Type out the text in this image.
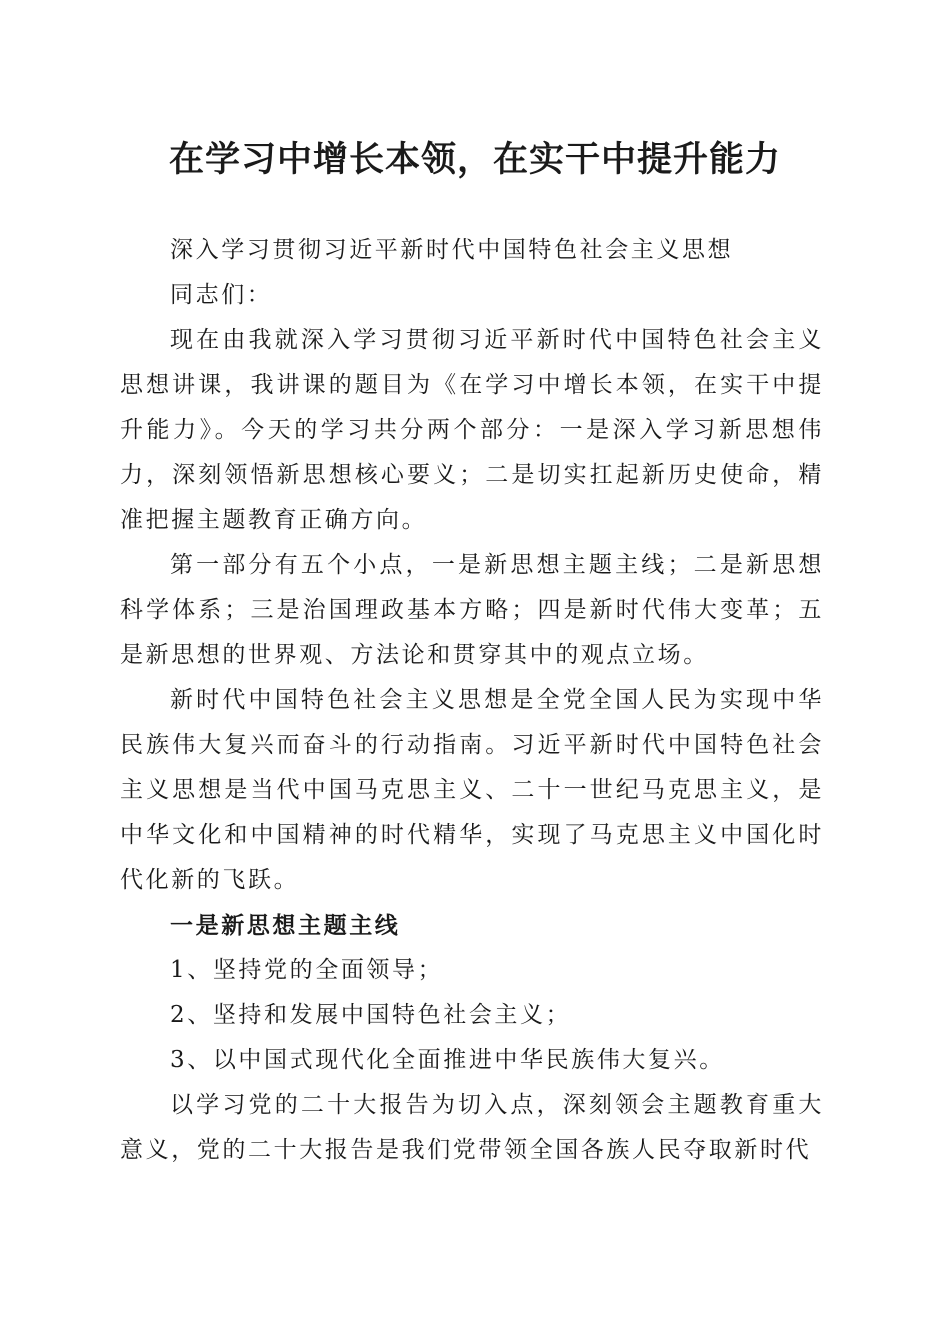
在学习中增长本领，在实干中提升能力

深入学习贯彻习近平新时代中国特色社会主义思想

同志们：

现在由我就深入学习贯彻习近平新时代中国特色社会主义思想讲课，我讲课的题目为《在学习中增长本领，在实干中提升能力》。今天的学习共分两个部分：一是深入学习新思想伟力，深刻领悟新思想核心要义；二是切实扛起新历史使命，精准把握主题教育正确方向。

第一部分有五个小点，一是新思想主题主线；二是新思想科学体系；三是治国理政基本方略；四是新时代伟大变革；五是新思想的世界观、方法论和贯穿其中的观点立场。

新时代中国特色社会主义思想是全党全国人民为实现中华民族伟大复兴而奋斗的行动指南。习近平新时代中国特色社会主义思想是当代中国马克思主义、二十一世纪马克思主义，是中华文化和中国精神的时代精华，实现了马克思主义中国化时代化新的飞跃。

一是新思想主题主线

1、坚持党的全面领导；

2、坚持和发展中国特色社会主义；

3、以中国式现代化全面推进中华民族伟大复兴。

以学习党的二十大报告为切入点，深刻领会主题教育重大意义，党的二十大报告是我们党带领全国各族人民夺取新时代
